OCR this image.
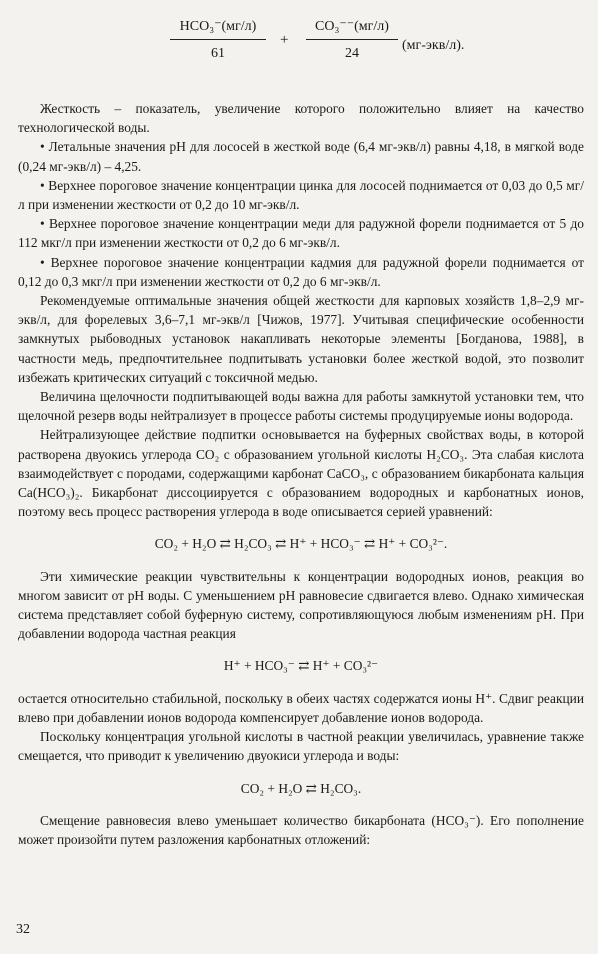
HCO₃⁻(мг/л)
61
+
CO₃⁻⁻(мг/л)
24
(мг-экв/л).

Жесткость – показатель, увеличение которого положительно влияет на качество технологической воды.

• Летальные значения pH для лососей в жесткой воде (6,4 мг-экв/л) равны 4,18, в мягкой воде (0,24 мг-экв/л) – 4,25.

• Верхнее пороговое значение концентрации цинка для лососей поднимается от 0,03 до 0,5 мг/л при изменении жесткости от 0,2 до 10 мг-экв/л.

• Верхнее пороговое значение концентрации меди для радужной форели поднимается от 5 до 112 мкг/л при изменении жесткости от 0,2 до 6 мг-экв/л.

• Верхнее пороговое значение концентрации кадмия для радужной форели поднимается от 0,12 до 0,3 мкг/л при изменении жесткости от 0,2 до 6 мг-экв/л.

Рекомендуемые оптимальные значения общей жесткости для карповых хозяйств 1,8–2,9 мг-экв/л, для форелевых 3,6–7,1 мг-экв/л [Чижов, 1977]. Учитывая специфические особенности замкнутых рыбоводных установок накапливать некоторые элементы [Богданова, 1988], в частности медь, предпочтительнее подпитывать установки более жесткой водой, это позволит избежать критических ситуаций с токсичной медью.

Величина щелочности подпитывающей воды важна для работы замкнутой установки тем, что щелочной резерв воды нейтрализует в процессе работы системы продуцируемые ионы водорода.

Нейтрализующее действие подпитки основывается на буферных свойствах воды, в которой растворена двуокись углерода CO₂ с образованием угольной кислоты H₂CO₃. Эта слабая кислота взаимодействует с породами, содержащими карбонат CaCO₃, с образованием бикарбоната кальция Ca(HCO₃)₂. Бикарбонат диссоциируется с образованием водородных и карбонатных ионов, поэтому весь процесс растворения углерода в воде описывается серией уравнений:

CO₂ + H₂O ⇄ H₂CO₃ ⇄ H⁺ + HCO₃⁻ ⇄ H⁺ + CO₃²⁻.

Эти химические реакции чувствительны к концентрации водородных ионов, реакция во многом зависит от pH воды. С уменьшением pH равновесие сдвигается влево. Однако химическая система представляет собой буферную систему, сопротивляющуюся любым изменениям pH. При добавлении водорода частная реакция

H⁺ + HCO₃⁻ ⇄ H⁺ + CO₃²⁻

остается относительно стабильной, поскольку в обеих частях содержатся ионы H⁺. Сдвиг реакции влево при добавлении ионов водорода компенсирует добавление ионов водорода.

Поскольку концентрация угольной кислоты в частной реакции увеличилась, уравнение также смещается, что приводит к увеличению двуокиси углерода и воды:

CO₂ + H₂O ⇄ H₂CO₃.

Смещение равновесия влево уменьшает количество бикарбоната (HCO₃⁻). Его пополнение может произойти путем разложения карбонатных отложений:

32
